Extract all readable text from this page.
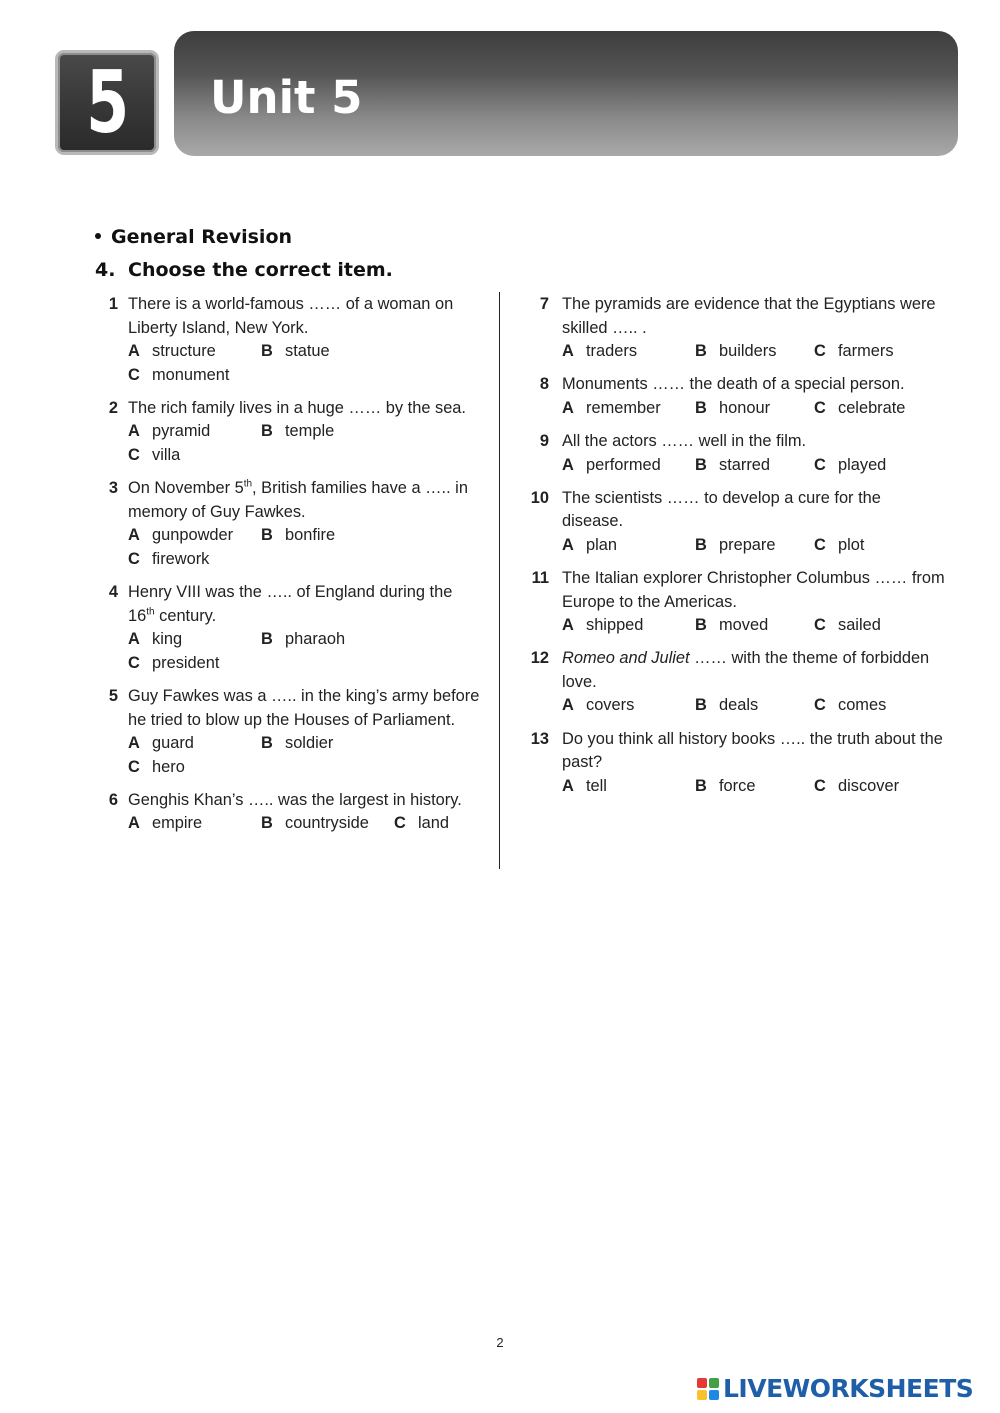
5 Unit 5
General Revision
4. Choose the correct item.
1 There is a world-famous …… of a woman on Liberty Island, New York.
A structure	B statue
C monument
2 The rich family lives in a huge …… by the sea.
A pyramid	B temple
C villa
3 On November 5th, British families have a ….. in memory of Guy Fawkes.
A gunpowder	B bonfire
C firework
4 Henry VIII was the ….. of England during the 16th century.
A king	B pharaoh
C president
5 Guy Fawkes was a ….. in the king’s army before he tried to blow up the Houses of Parliament.
A guard	B soldier
C hero
6 Genghis Khan’s ….. was the largest in history.
A empire	B countryside	C land
7 The pyramids are evidence that the Egyptians were skilled ….. .
A traders	B builders	C farmers
8 Monuments …… the death of a special person.
A remember	B honour	C celebrate
9 All the actors …… well in the film.
A performed	B starred	C played
10 The scientists …… to develop a cure for the disease.
A plan	B prepare	C plot
11 The Italian explorer Christopher Columbus …… from Europe to the Americas.
A shipped	B moved	C sailed
12 Romeo and Juliet …… with the theme of forbidden love.
A covers	B deals	C comes
13 Do you think all history books ….. the truth about the past?
A tell	B force	C discover
2
LIVEWORKSHEETS
